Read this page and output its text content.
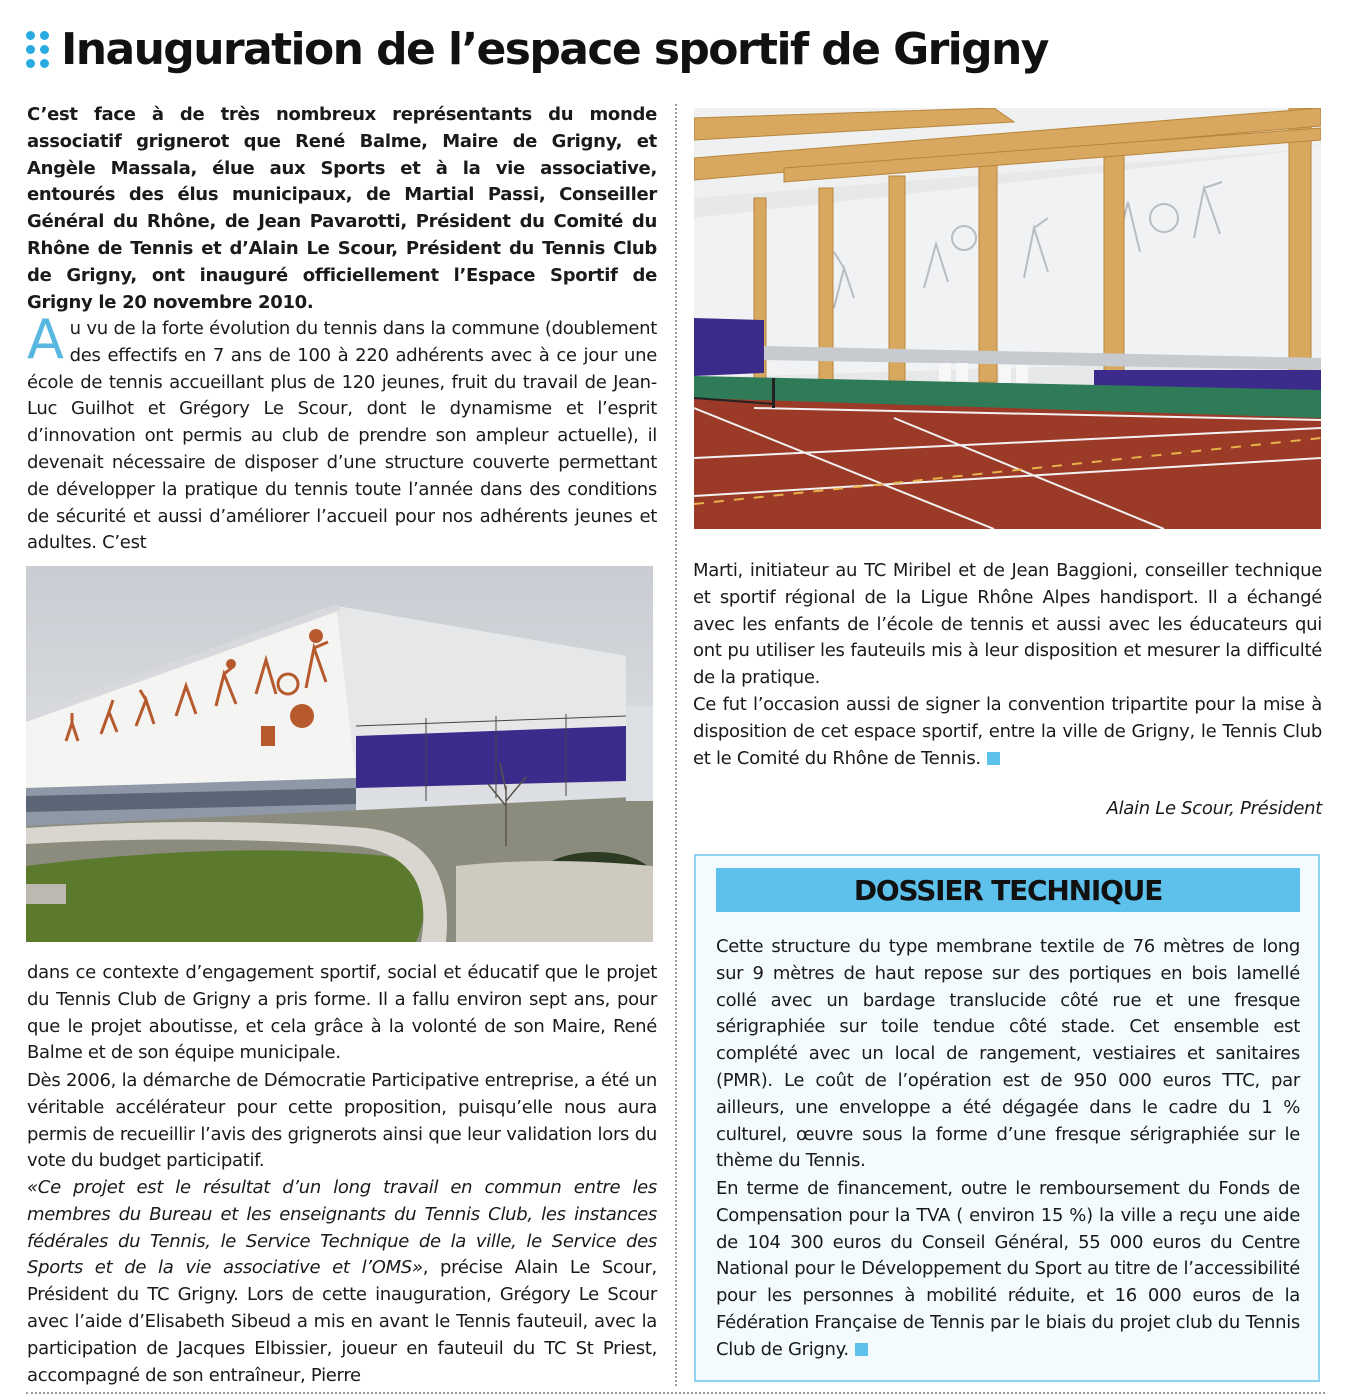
Inauguration de l’espace sportif de Grigny

C’est face à de très nombreux représentants du monde associatif grignerot que René Balme, Maire de Grigny, et Angèle Massala, élue aux Sports et à la vie associative, entourés des élus municipaux, de Martial Passi, Conseiller Général du Rhône, de Jean Pavarotti, Président du Comité du Rhône de Tennis et d’Alain Le Scour, Président du Tennis Club de Grigny, ont inauguré officiellement l’Espace Sportif de Grigny le 20 novembre 2010.

Au vu de la forte évolution du tennis dans la commune (doublement des effectifs en 7 ans de 100 à 220 adhérents avec à ce jour une école de tennis accueillant plus de 120 jeunes, fruit du travail de Jean-Luc Guilhot et Grégory Le Scour, dont le dynamisme et l’esprit d’innovation ont permis au club de prendre son ampleur actuelle), il devenait nécessaire de disposer d’une structure couverte permettant de développer la pratique du tennis toute l’année dans des conditions de sécurité et aussi d’améliorer l’accueil pour nos adhérents jeunes et adultes. C’est

dans ce contexte d’engagement sportif, social et éducatif que le projet du Tennis Club de Grigny a pris forme. Il a fallu environ sept ans, pour que le projet aboutisse, et cela grâce à la volonté de son Maire, René Balme et de son équipe municipale.

Dès 2006, la démarche de Démocratie Participative entreprise, a été un véritable accélérateur pour cette proposition, puisqu’elle nous aura permis de recueillir l’avis des grignerots ainsi que leur validation lors du vote du budget participatif.

«Ce projet est le résultat d’un long travail en commun entre les membres du Bureau et les enseignants du Tennis Club, les instances fédérales du Tennis, le Service Technique de la ville, le Service des Sports et de la vie associative et l’OMS», précise Alain Le Scour, Président du TC Grigny. Lors de cette inauguration, Grégory Le Scour avec l’aide d’Elisabeth Sibeud a mis en avant le Tennis fauteuil, avec la participation de Jacques Elbissier, joueur en fauteuil du TC St Priest, accompagné de son entraîneur, Pierre

Marti, initiateur au TC Miribel et de Jean Baggioni, conseiller technique et sportif régional de la Ligue Rhône Alpes handisport. Il a échangé avec les enfants de l’école de tennis et aussi avec les éducateurs qui ont pu utiliser les fauteuils mis à leur disposition et mesurer la difficulté de la pratique.

Ce fut l’occasion aussi de signer la convention tripartite pour la mise à disposition de cet espace sportif, entre la ville de Grigny, le Tennis Club et le Comité du Rhône de Tennis.

Alain Le Scour, Président

DOSSIER TECHNIQUE

Cette structure du type membrane textile de 76 mètres de long sur 9 mètres de haut repose sur des portiques en bois lamellé collé avec un bardage translucide côté rue et une fresque sérigraphiée sur toile tendue côté stade. Cet ensemble est complété avec un local de rangement, vestiaires et sanitaires (PMR). Le coût de l’opération est de 950 000 euros TTC, par ailleurs, une enveloppe a été dégagée dans le cadre du 1 % culturel, œuvre sous la forme d’une fresque sérigraphiée sur le thème du Tennis.

En terme de financement, outre le remboursement du Fonds de Compensation pour la TVA ( environ 15 %) la ville a reçu une aide de 104 300 euros du Conseil Général, 55 000 euros du Centre National pour le Développement du Sport au titre de l’accessibilité pour les personnes à mobilité réduite, et 16 000 euros de la Fédération Française de Tennis par le biais du projet club du Tennis Club de Grigny.
